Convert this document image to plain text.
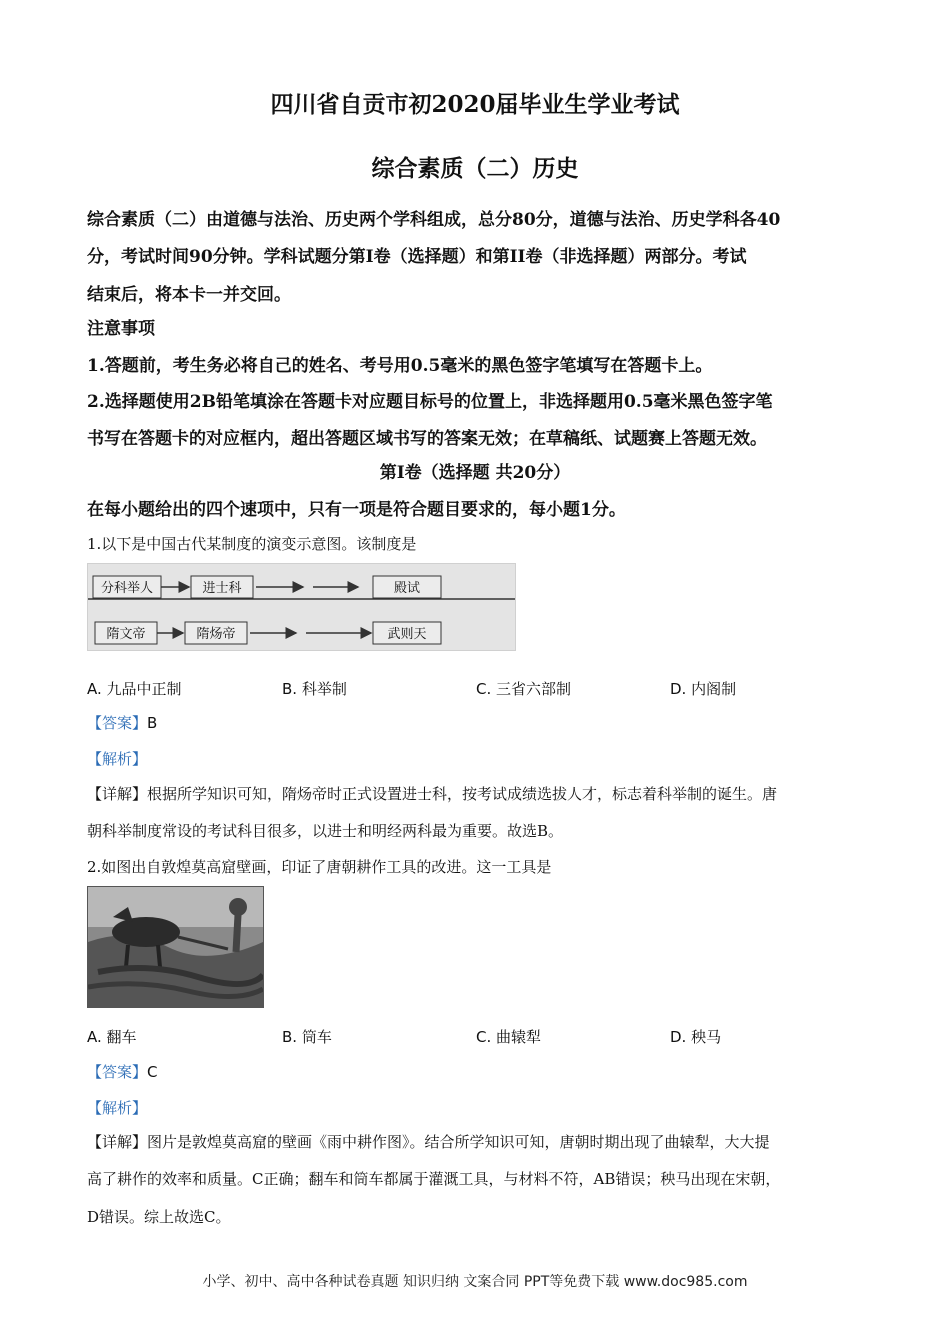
四川省自贡市初2020届毕业生学业考试
综合素质（二）历史
综合素质（二）由道德与法治、历史两个学科组成，总分80分，道德与法治、历史学科各40
分，考试时间90分钟。学科试题分第I卷（选择题）和第II卷（非选择题）两部分。考试
结束后，将本卡一并交回。
注意事项
1.答题前，考生务必将自己的姓名、考号用0.5毫米的黑色签字笔填写在答题卡上。
2.选择题使用2B铅笔填涂在答题卡对应题目标号的位置上，非选择题用0.5毫米黑色签字笔
书写在答题卡的对应框内，超出答题区域书写的答案无效；在草稿纸、试题赛上答题无效。
第I卷（选择题 共20分）
在每小题给出的四个速项中，只有一项是符合题目要求的，每小题1分。
1.以下是中国古代某制度的演变示意图。该制度是
分科举人	进士科	殿试
隋文帝	隋炀帝	武则天
A. 九品中正制	B. 科举制	C. 三省六部制	D. 内阁制
【答案】B
【解析】
【详解】根据所学知识可知，隋炀帝时正式设置进士科，按考试成绩选拔人才，标志着科举制的诞生。唐
朝科举制度常设的考试科目很多，以进士和明经两科最为重要。故选B。
2.如图出自敦煌莫高窟壁画，印证了唐朝耕作工具的改进。这一工具是
A. 翻车	B. 筒车	C. 曲辕犁	D. 秧马
【答案】C
【解析】
【详解】图片是敦煌莫高窟的壁画《雨中耕作图》。结合所学知识可知，唐朝时期出现了曲辕犁，大大提
高了耕作的效率和质量。C正确；翻车和筒车都属于灌溉工具，与材料不符，AB错误；秧马出现在宋朝，
D错误。综上故选C。
小学、初中、高中各种试卷真题 知识归纳 文案合同 PPT等免费下载 www.doc985.com
